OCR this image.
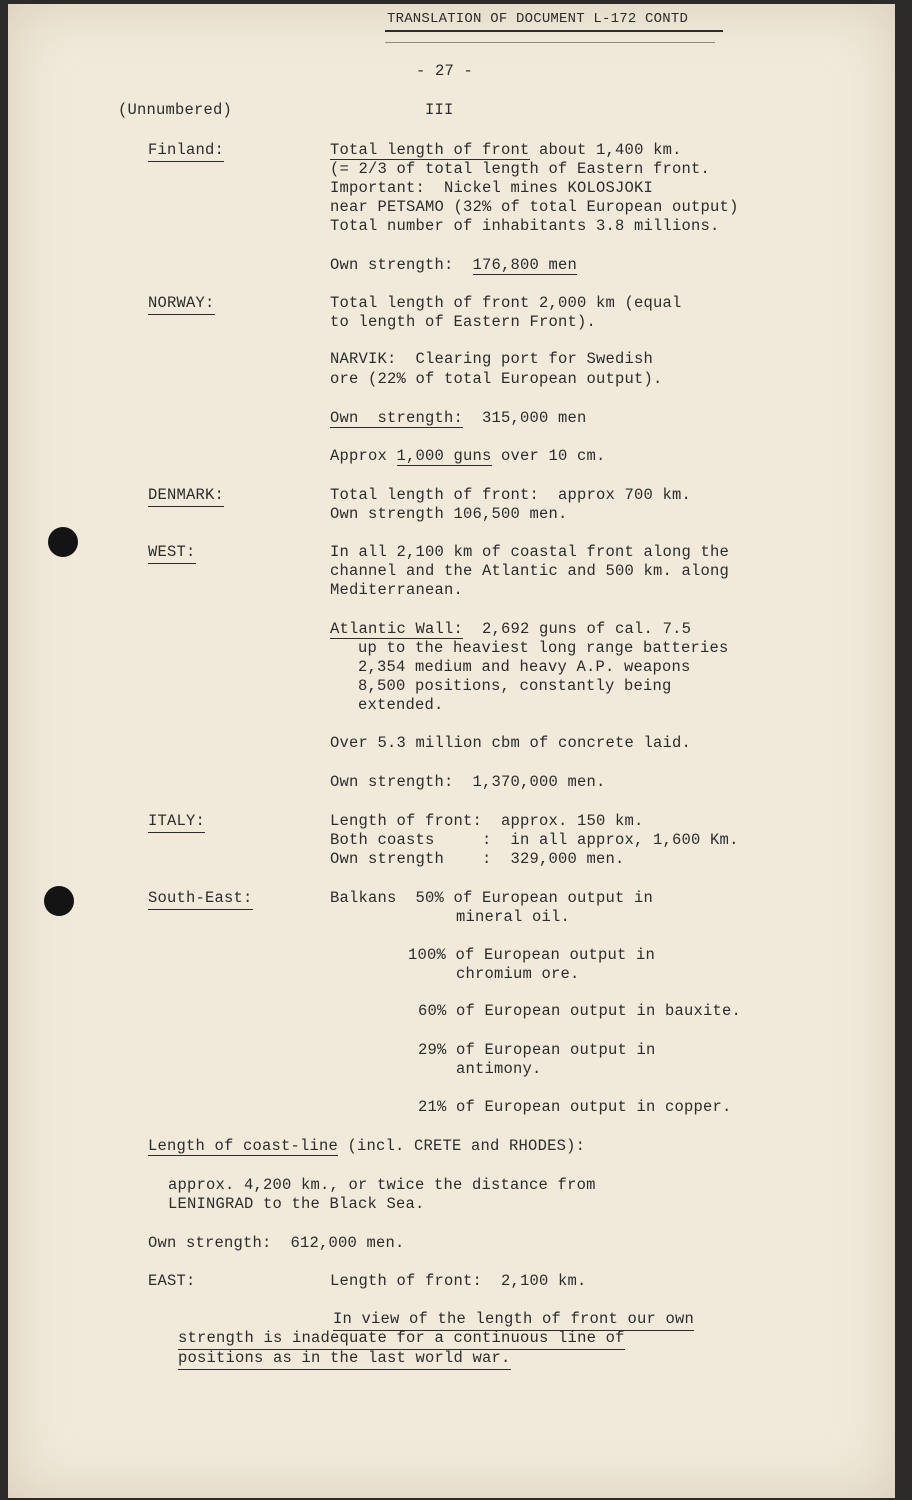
TRANSLATION OF DOCUMENT L-172 CONTD
- 27 -
(Unnumbered)	III
Finland:	Total length of front about 1,400 km.
(= 2/3 of total length of Eastern front.
Important:  Nickel mines KOLOSJOKI
near PETSAMO (32% of total European output)
Total number of inhabitants 3.8 millions.
Own strength:  176,800 men
NORWAY:	Total length of front 2,000 km (equal
to length of Eastern Front).
NARVIK:  Clearing port for Swedish
ore (22% of total European output).
Own  strength:  315,000 men
Approx 1,000 guns over 10 cm.
DENMARK:	Total length of front:  approx 700 km.
Own strength 106,500 men.
WEST:	In all 2,100 km of coastal front along the
channel and the Atlantic and 500 km. along
Mediterranean.
Atlantic Wall:  2,692 guns of cal. 7.5
up to the heaviest long range batteries
2,354 medium and heavy A.P. weapons
8,500 positions, constantly being
extended.
Over 5.3 million cbm of concrete laid.
Own strength:  1,370,000 men.
ITALY:	Length of front:  approx. 150 km.
Both coasts     :  in all approx, 1,600 Km.
Own strength    :  329,000 men.
South-East:	Balkans  50% of European output in
mineral oil.
100% of European output in
chromium ore.
60% of European output in bauxite.
29% of European output in
antimony.
21% of European output in copper.
Length of coast-line (incl. CRETE and RHODES):
approx. 4,200 km., or twice the distance from
LENINGRAD to the Black Sea.
Own strength:  612,000 men.
EAST:	Length of front:  2,100 km.
In view of the length of front our own
strength is inadequate for a continuous line of
positions as in the last world war.
